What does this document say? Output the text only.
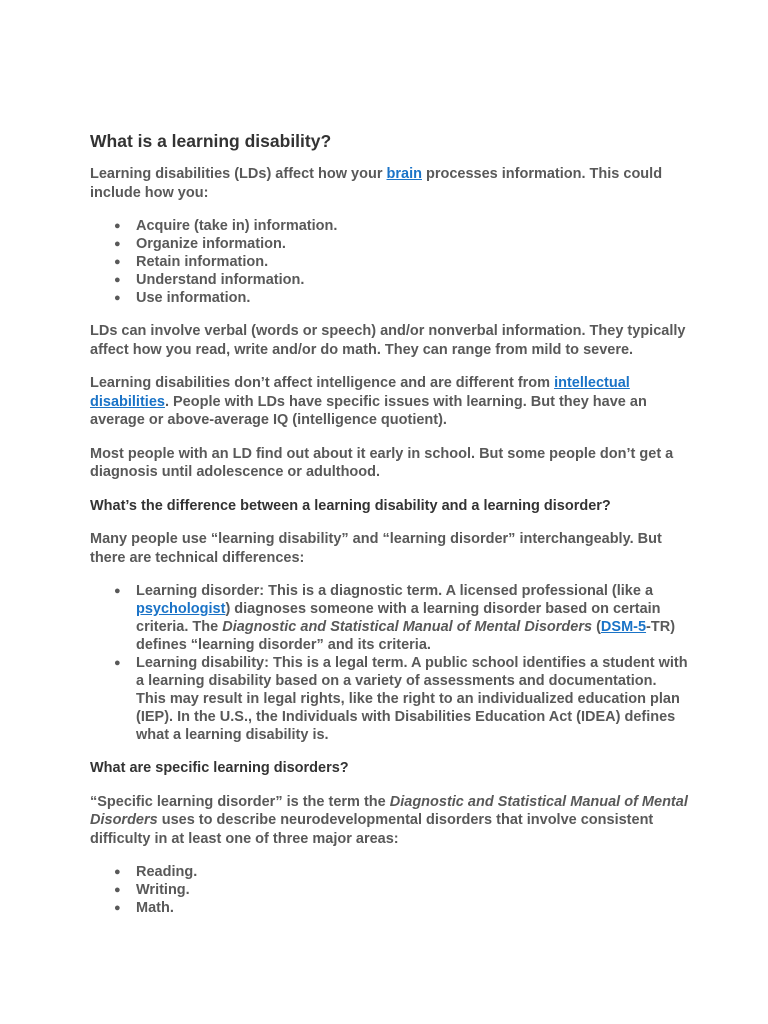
What is a learning disability?

Learning disabilities (LDs) affect how your brain processes information. This could include how you:

● Acquire (take in) information.
● Organize information.
● Retain information.
● Understand information.
● Use information.

LDs can involve verbal (words or speech) and/or nonverbal information. They typically affect how you read, write and/or do math. They can range from mild to severe.

Learning disabilities don’t affect intelligence and are different from intellectual disabilities. People with LDs have specific issues with learning. But they have an average or above-average IQ (intelligence quotient).

Most people with an LD find out about it early in school. But some people don’t get a diagnosis until adolescence or adulthood.

What’s the difference between a learning disability and a learning disorder?

Many people use “learning disability” and “learning disorder” interchangeably. But there are technical differences:

● Learning disorder: This is a diagnostic term. A licensed professional (like a psychologist) diagnoses someone with a learning disorder based on certain criteria. The Diagnostic and Statistical Manual of Mental Disorders (DSM-5-TR) defines “learning disorder” and its criteria.
● Learning disability: This is a legal term. A public school identifies a student with a learning disability based on a variety of assessments and documentation. This may result in legal rights, like the right to an individualized education plan (IEP). In the U.S., the Individuals with Disabilities Education Act (IDEA) defines what a learning disability is.
What are specific learning disorders?

“Specific learning disorder” is the term the Diagnostic and Statistical Manual of Mental Disorders uses to describe neurodevelopmental disorders that involve consistent difficulty in at least one of three major areas:

● Reading.
● Writing.
● Math.
